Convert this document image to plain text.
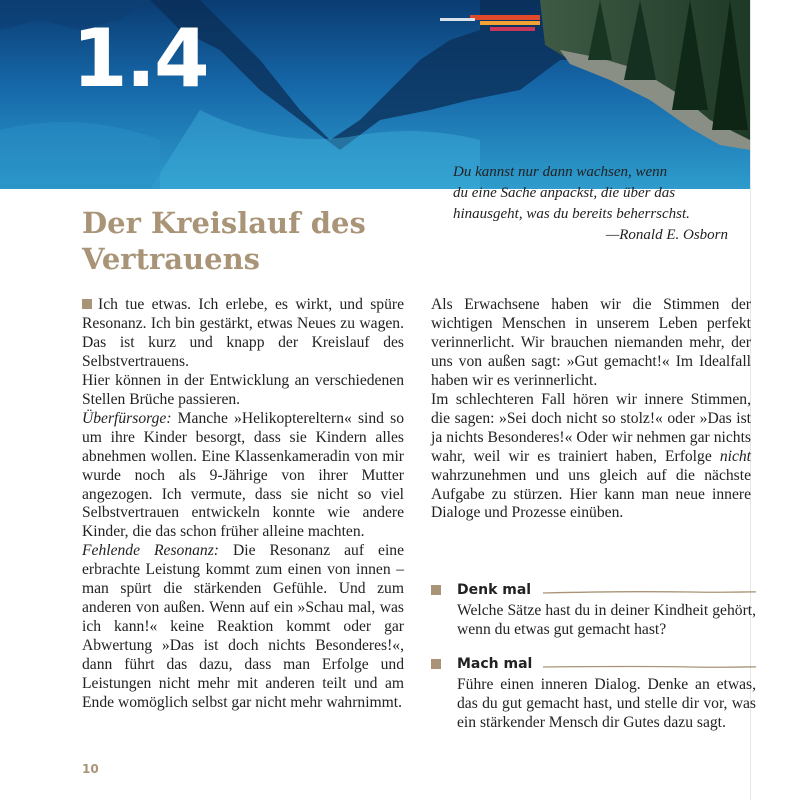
1.4
Du kannst nur dann wachsen, wenn
du eine Sache anpackst, die über das
hinausgeht, was du bereits beherrschst.
—Ronald E. Osborn
Der Kreislauf des
Vertrauens

Ich tue etwas. Ich erlebe, es wirkt, und spüre Resonanz. Ich bin gestärkt, etwas Neues zu wagen. Das ist kurz und knapp der Kreislauf des Selbstvertrauens.

Hier können in der Entwicklung an verschiedenen Stellen Brüche passieren.

Überfürsorge: Manche »Helikoptereltern« sind so um ihre Kinder besorgt, dass sie Kindern alles abnehmen wollen. Eine Klassenkameradin von mir wurde noch als 9-Jährige von ihrer Mutter angezogen. Ich vermute, dass sie nicht so viel Selbstvertrauen entwickeln konnte wie andere Kinder, die das schon früher alleine machten.

Fehlende Resonanz: Die Resonanz auf eine erbrachte Leistung kommt zum einen von innen – man spürt die stärkenden Gefühle. Und zum anderen von außen. Wenn auf ein »Schau mal, was ich kann!« keine Reaktion kommt oder gar Abwertung »Das ist doch nichts Besonderes!«, dann führt das dazu, dass man Erfolge und Leistungen nicht mehr mit anderen teilt und am Ende womöglich selbst gar nicht mehr wahrnimmt.

Als Erwachsene haben wir die Stimmen der wichtigen Menschen in unserem Leben perfekt verinnerlicht. Wir brauchen niemanden mehr, der uns von außen sagt: »Gut gemacht!« Im Idealfall haben wir es verinnerlicht.

Im schlechteren Fall hören wir innere Stimmen, die sagen: »Sei doch nicht so stolz!« oder »Das ist ja nichts Besonderes!« Oder wir nehmen gar nichts wahr, weil wir es trainiert haben, Erfolge nicht wahrzunehmen und uns gleich auf die nächste Aufgabe zu stürzen. Hier kann man neue innere Dialoge und Prozesse einüben.

Denk mal
Welche Sätze hast du in deiner Kindheit gehört, wenn du etwas gut gemacht hast?
Mach mal
Führe einen inneren Dialog. Denke an etwas, das du gut gemacht hast, und stelle dir vor, was ein stärkender Mensch dir Gutes dazu sagt.
10
